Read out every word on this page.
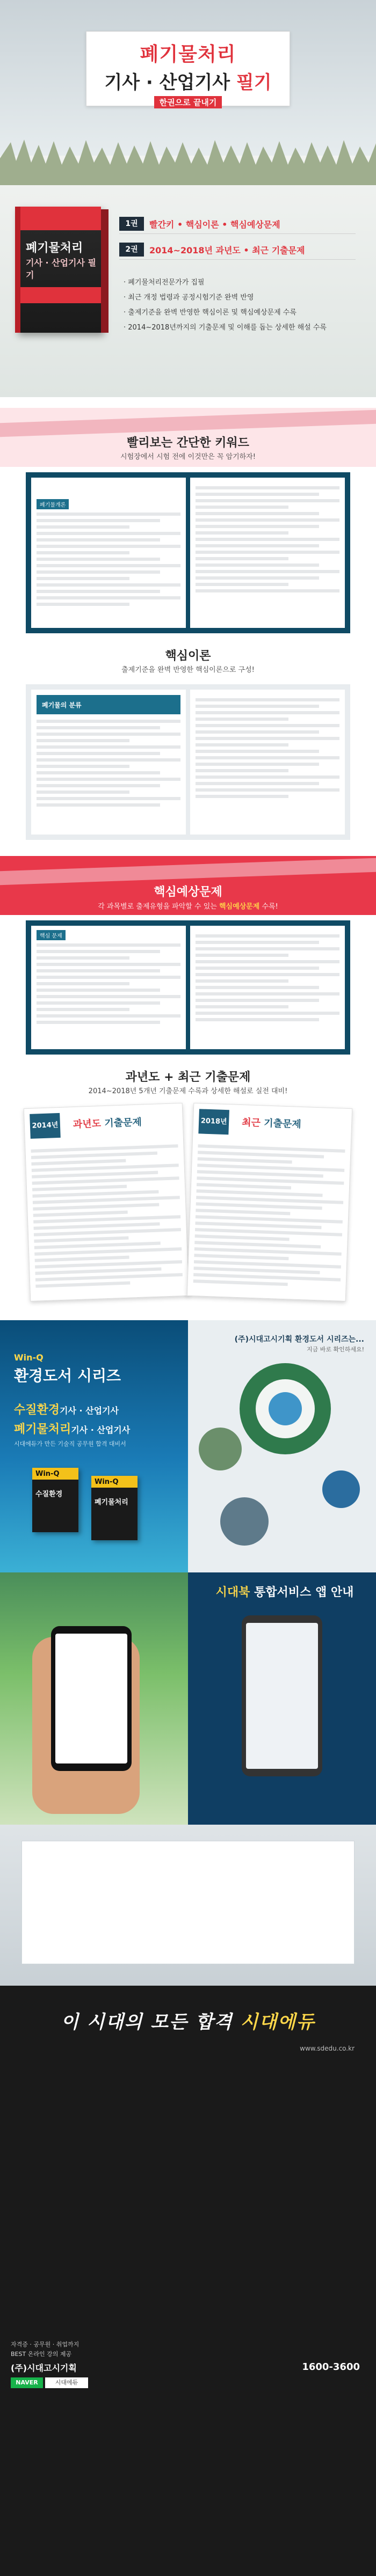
폐기물처리
기사 · 산업기사 필기
한권으로 끝내기
폐기물처리
기사 · 산업기사 필기
1권	빨간키 • 핵심이론 • 핵심예상문제
2권	2014~2018년 과년도 • 최근 기출문제
· 폐기물처리전문가가 집필
· 최근 개정 법령과 공정시험기준 완벽 반영
· 출제기준을 완벽 반영한 핵심이론 및 핵심예상문제 수록
· 2014~2018년까지의 기출문제 및 이해를 돕는 상세한 해설 수록
빨리보는 간단한 키워드
시험장에서 시험 전에 이것만은 꼭 암기하자!
폐기물개론
핵심이론
출제기준을 완벽 반영한 핵심이론으로 구성!
폐기물의 분류
핵심예상문제
각 과목별로 출제유형을 파악할 수 있는 핵심예상문제 수록!
핵심 문제
과년도 + 최근 기출문제
2014~2018년 5개년 기출문제 수록과 상세한 해설로 실전 대비!
2014년 과년도 기출문제	2018년 최근 기출문제
Win-Q
환경도서 시리즈
수질환경기사 · 산업기사
폐기물처리기사 · 산업기사
시대에듀가 만든 기술직 공무원 합격 대비서
Win-Q
수질환경
Win-Q
폐기물처리
(주)시대고시기획 환경도서 시리즈는...
지금 바로 확인하세요!
시대북 통합서비스 앱 안내
이 시대의 모든 합격 시대에듀
www.sdedu.co.kr
자격증 · 공무원 · 취업까지
BEST 온라인 강의 제공
(주)시대고시기획
NAVER	시대에듀
1600-3600
